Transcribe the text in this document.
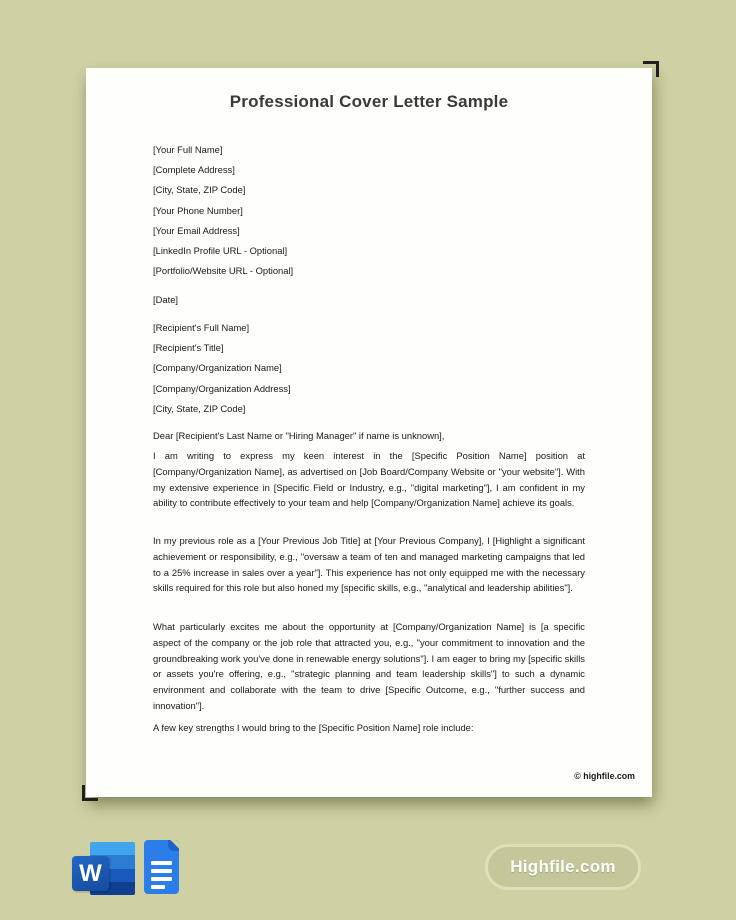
Professional Cover Letter Sample
[Your Full Name]
[Complete Address]
[City, State, ZIP Code]
[Your Phone Number]
[Your Email Address]
[LinkedIn Profile URL - Optional]
[Portfolio/Website URL - Optional]
[Date]
[Recipient's Full Name]
[Recipient's Title]
[Company/Organization Name]
[Company/Organization Address]
[City, State, ZIP Code]
Dear [Recipient's Last Name or "Hiring Manager" if name is unknown],

I am writing to express my keen interest in the [Specific Position Name] position at [Company/Organization Name], as advertised on [Job Board/Company Website or "your website"]. With my extensive experience in [Specific Field or Industry, e.g., "digital marketing"], I am confident in my ability to contribute effectively to your team and help [Company/Organization Name] achieve its goals.

In my previous role as a [Your Previous Job Title] at [Your Previous Company], I [Highlight a significant achievement or responsibility, e.g., "oversaw a team of ten and managed marketing campaigns that led to a 25% increase in sales over a year"]. This experience has not only equipped me with the necessary skills required for this role but also honed my [specific skills, e.g., "analytical and leadership abilities"].

What particularly excites me about the opportunity at [Company/Organization Name] is [a specific aspect of the company or the job role that attracted you, e.g., "your commitment to innovation and the groundbreaking work you've done in renewable energy solutions"]. I am eager to bring my [specific skills or assets you're offering, e.g., "strategic planning and team leadership skills"] to such a dynamic environment and collaborate with the team to drive [Specific Outcome, e.g., "further success and innovation"].

A few key strengths I would bring to the [Specific Position Name] role include:
© highfile.com
W	Highfile.com
